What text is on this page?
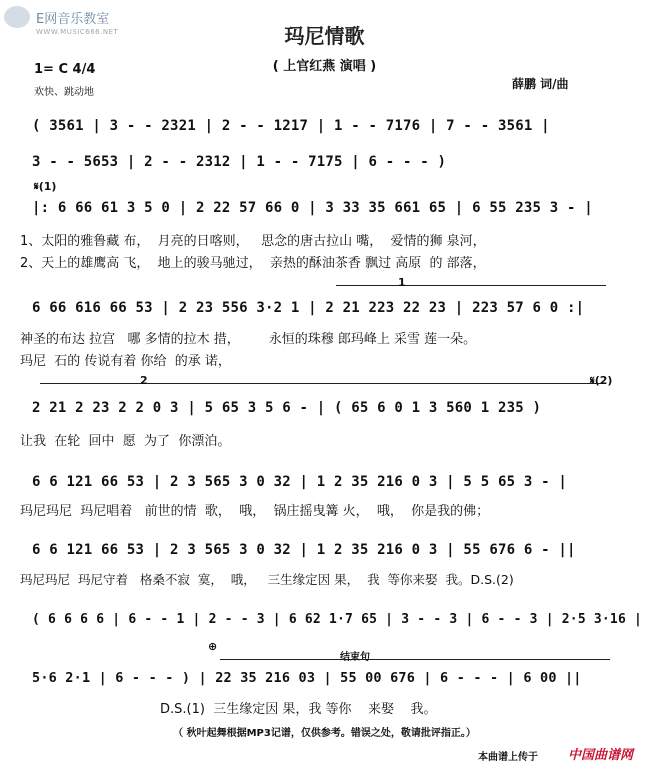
E网音乐教室
WWW.MUSIC666.NET	玛尼情歌
( 上官红燕 演唱 )
1= C 4/4
欢快、跳动地
薛鹏 词/曲
( 3561 | 3 - - 2321 | 2 - - 1217 | 1 - - 7176 | 7 - - 3561 |
3 - - 5653 | 2 - - 2312 | 1 - - 7175 | 6 - - - )
𝄋(1)
|: 6 66 61 3 5 0 | 2 22 57 66 0 | 3 33 35 661 65 | 6 55 235 3 - |
1、太阳的雅鲁藏 布，  月亮的日喀则，   思念的唐古拉山 嘴，  爱情的狮 泉河，
2、天上的雄鹰高 飞，  地上的骏马驰过，  亲热的酥油茶香 飘过 高原  的 部落，
1
6 66 616 66 53 | 2 23 556 3·2 1 | 2 21 223 22 23 | 223 57 6 0 :|
神圣的布达 拉宫   哪 多情的拉木 措，       永恒的珠穆 郎玛峰上 采雪 莲一朵。
玛尼  石的 传说有着 你给  的承 诺，
2	𝄋(2)
2 21 2 23 2 2 0 3 | 5 65 3 5 6 - | ( 65 6 0 1 3 560 1 235 )
让我  在轮  回中  愿  为了  你漂泊。
6 6 121 66 53 | 2 3 565 3 0 32 | 1 2 35 216 0 3 | 5 5 65 3 - |
玛尼玛尼  玛尼唱着   前世的情  歌，  哦，  锅庄摇曳篝 火，  哦，  你是我的佛；
6 6 121 66 53 | 2 3 565 3 0 32 | 1 2 35 216 0 3 | 55 676 6 - ||
玛尼玛尼  玛尼守着   格桑不寂  寞，  哦，   三生缘定因 果，  我  等你来娶  我。D.S.(2)
( 6 6 6 6 | 6 - - 1 | 2 - - 3 | 6 62 1·7 65 | 3 - - 3 | 6 - - 3 | 2·5 3·16 |
⊕
结束句
5·6 2·1 | 6 - - - ) | 22 35 216 03 | 55 00 676 | 6 - - - | 6 00 ||
D.S.(1)  三生缘定因 果，我 等你    来娶    我。
（ 秋叶起舞根据MP3记谱，仅供参考。错误之处，敬请批评指正。）
本曲谱上传于 中国曲谱网
